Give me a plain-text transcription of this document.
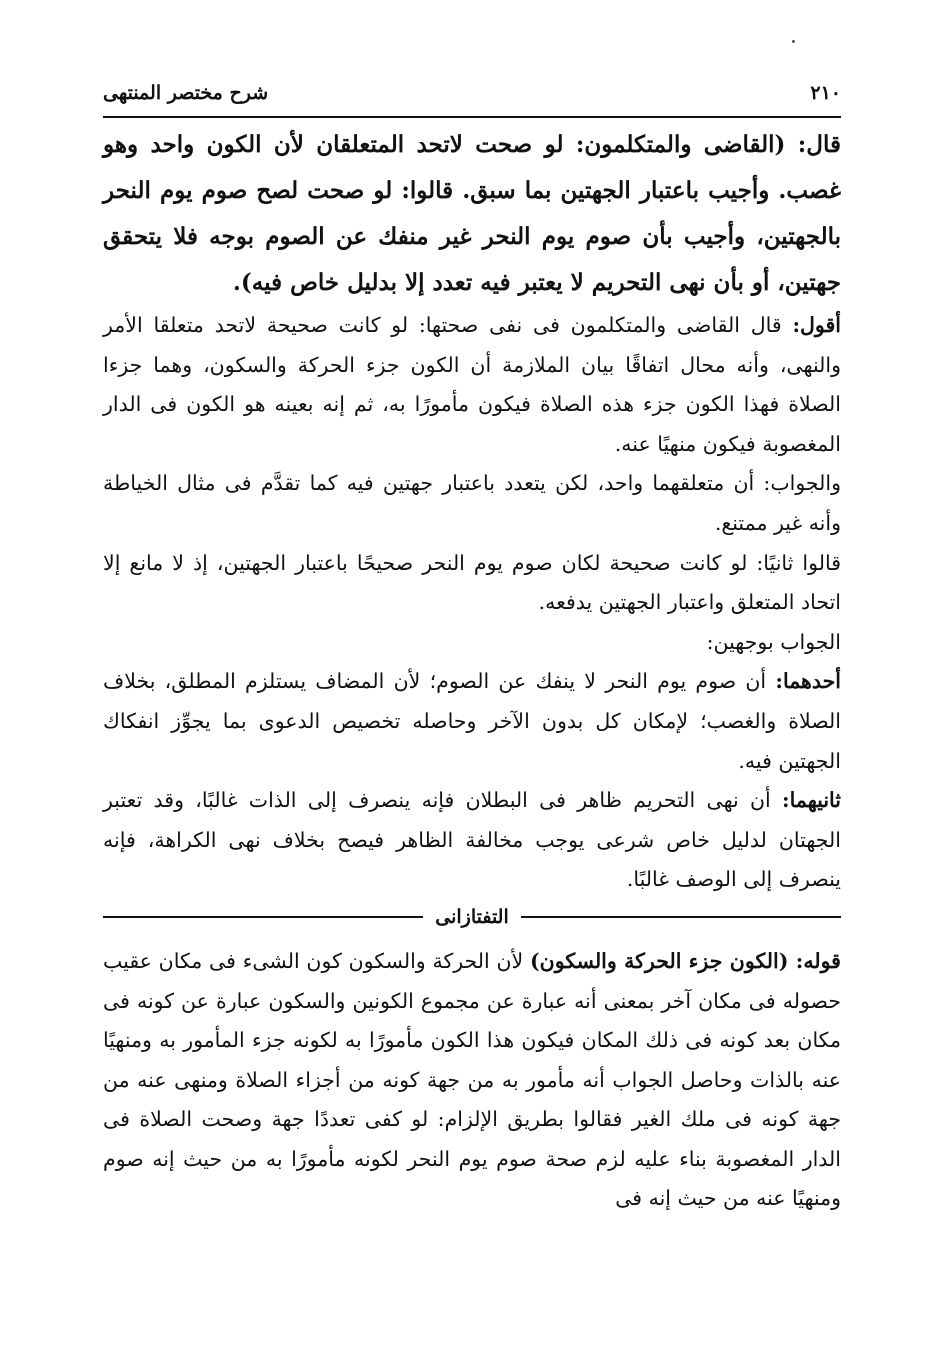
٢١٠
شرح مختصر المنتهى

قال: (القاضى والمتكلمون: لو صحت لاتحد المتعلقان لأن الكون واحد وهو غصب. وأجيب باعتبار الجهتين بما سبق. قالوا: لو صحت لصح صوم يوم النحر بالجهتين، وأجيب بأن صوم يوم النحر غير منفك عن الصوم بوجه فلا يتحقق جهتين، أو بأن نهى التحريم لا يعتبر فيه تعدد إلا بدليل خاص فيه).

أقول: قال القاضى والمتكلمون فى نفى صحتها: لو كانت صحيحة لاتحد متعلقا الأمر والنهى، وأنه محال اتفاقًا بيان الملازمة أن الكون جزء الحركة والسكون، وهما جزءا الصلاة فهذا الكون جزء هذه الصلاة فيكون مأمورًا به، ثم إنه بعينه هو الكون فى الدار المغصوبة فيكون منهيًا عنه.

والجواب: أن متعلقهما واحد، لكن يتعدد باعتبار جهتين فيه كما تقدَّم فى مثال الخياطة وأنه غير ممتنع.

قالوا ثانيًا: لو كانت صحيحة لكان صوم يوم النحر صحيحًا باعتبار الجهتين، إذ لا مانع إلا اتحاد المتعلق واعتبار الجهتين يدفعه.

الجواب بوجهين:

أحدهما: أن صوم يوم النحر لا ينفك عن الصوم؛ لأن المضاف يستلزم المطلق، بخلاف الصلاة والغصب؛ لإمكان كل بدون الآخر وحاصله تخصيص الدعوى بما يجوِّز انفكاك الجهتين فيه.

ثانيهما: أن نهى التحريم ظاهر فى البطلان فإنه ينصرف إلى الذات غالبًا، وقد تعتبر الجهتان لدليل خاص شرعى يوجب مخالفة الظاهر فيصح بخلاف نهى الكراهة، فإنه ينصرف إلى الوصف غالبًا.

التفتازانى

قوله: (الكون جزء الحركة والسكون) لأن الحركة والسكون كون الشىء فى مكان عقيب حصوله فى مكان آخر بمعنى أنه عبارة عن مجموع الكونين والسكون عبارة عن كونه فى مكان بعد كونه فى ذلك المكان فيكون هذا الكون مأمورًا به لكونه جزء المأمور به ومنهيًا عنه بالذات وحاصل الجواب أنه مأمور به من جهة كونه من أجزاء الصلاة ومنهى عنه من جهة كونه فى ملك الغير فقالوا بطريق الإلزام: لو كفى تعددًا جهة وصحت الصلاة فى الدار المغصوبة بناء عليه لزم صحة صوم يوم النحر لكونه مأمورًا به من حيث إنه صوم ومنهيًا عنه من حيث إنه فى
